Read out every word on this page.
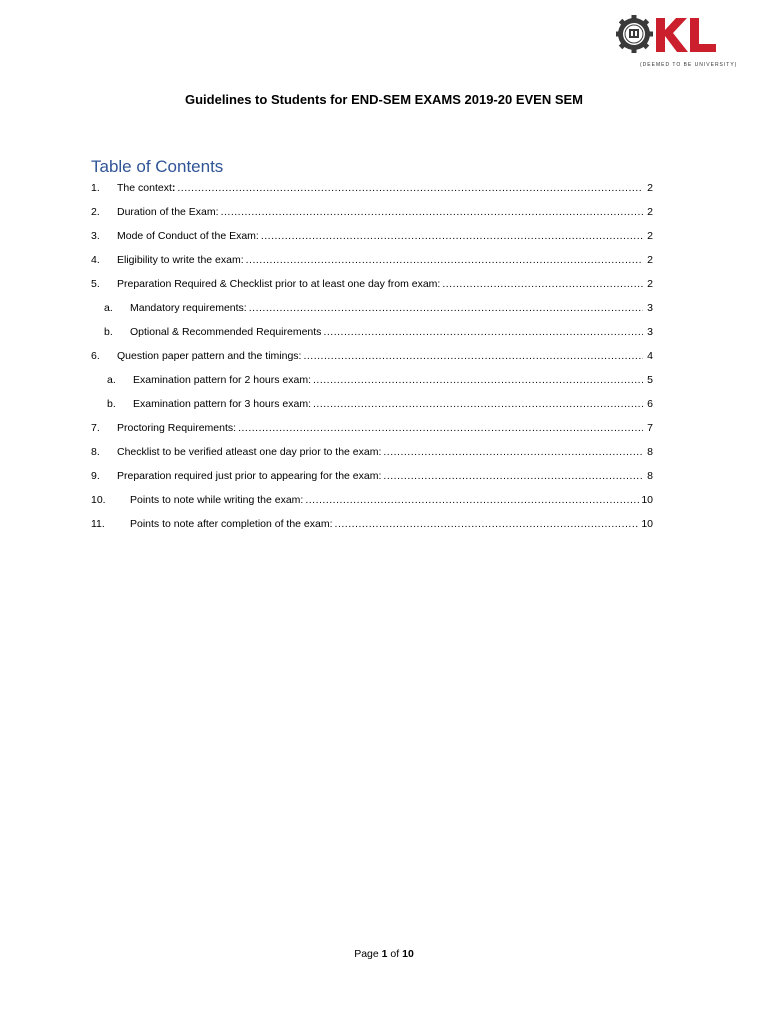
(DEEMED TO BE UNIVERSITY)
Guidelines to Students for END-SEM EXAMS 2019-20 EVEN SEM
Table of Contents
1. The context: .....	2
2. Duration of the Exam: .....	2
3. Mode of Conduct of the Exam: .....	2
4. Eligibility to write the exam: .....	2
5. Preparation Required & Checklist prior to at least one day from exam: .....	2
a. Mandatory requirements: .....	3
b. Optional & Recommended Requirements .....	3
6. Question paper pattern and the timings: .....	4
a. Examination pattern for 2 hours exam: .....	5
b. Examination pattern for 3 hours exam: .....	6
7. Proctoring Requirements: .....	7
8. Checklist to be verified atleast one day prior to the exam: .....	8
9. Preparation required just prior to appearing for the exam: .....	8
10. Points to note while writing the exam: .....	10
11. Points to note after completion of the exam: .....	10
Page 1 of 10
